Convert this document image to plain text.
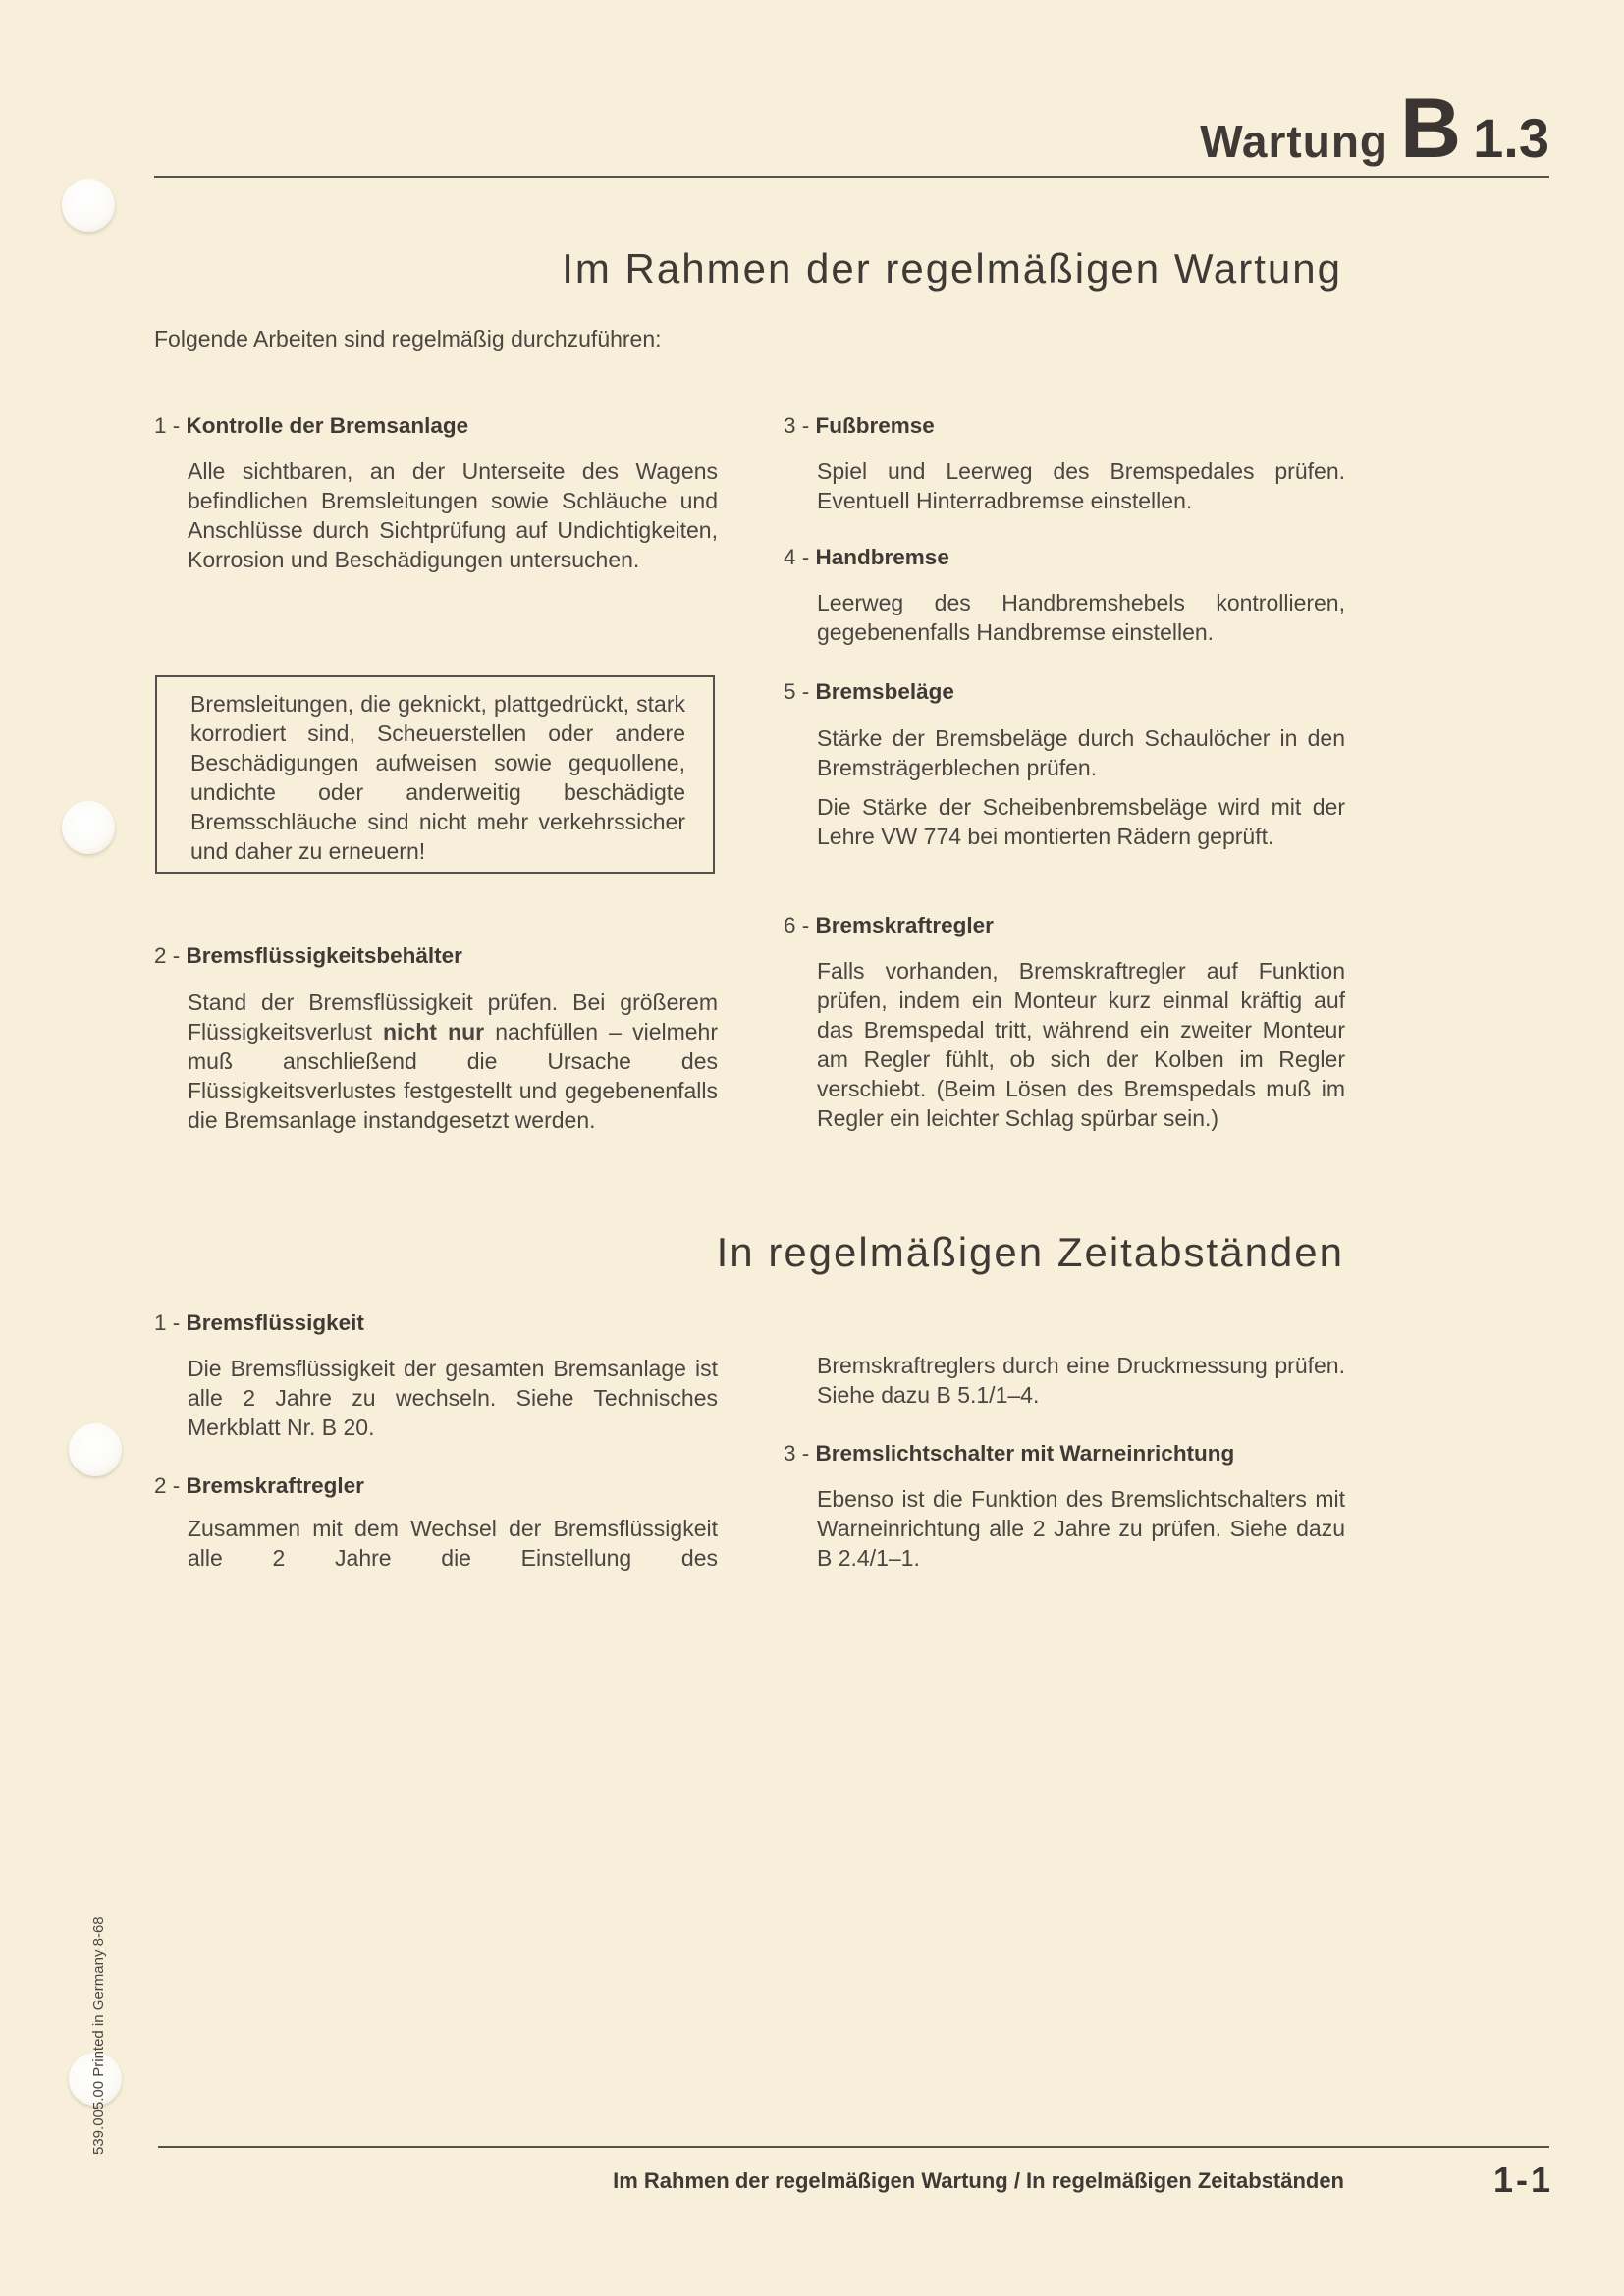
Wartung B 1.3
Im Rahmen der regelmäßigen Wartung
Folgende Arbeiten sind regelmäßig durchzuführen:
1 - Kontrolle der Bremsanlage
Alle sichtbaren, an der Unterseite des Wagens befindlichen Bremsleitungen sowie Schläuche und Anschlüsse durch Sichtprüfung auf Undichtigkeiten, Korrosion und Beschädigungen untersuchen.
Bremsleitungen, die geknickt, plattgedrückt, stark korrodiert sind, Scheuerstellen oder andere Beschädigungen aufweisen sowie gequollene, undichte oder anderweitig beschädigte Bremsschläuche sind nicht mehr verkehrssicher und daher zu erneuern!
2 - Bremsflüssigkeitsbehälter
Stand der Bremsflüssigkeit prüfen. Bei größerem Flüssigkeitsverlust nicht nur nachfüllen – vielmehr muß anschließend die Ursache des Flüssigkeitsverlustes festgestellt und gegebenenfalls die Bremsanlage instandgesetzt werden.
3 - Fußbremse
Spiel und Leerweg des Bremspedales prüfen. Eventuell Hinterradbremse einstellen.
4 - Handbremse
Leerweg des Handbremshebels kontrollieren, gegebenenfalls Handbremse einstellen.
5 - Bremsbeläge
Stärke der Bremsbeläge durch Schaulöcher in den Bremsträgerblechen prüfen.
Die Stärke der Scheibenbremsbeläge wird mit der Lehre VW 774 bei montierten Rädern geprüft.
6 - Bremskraftregler
Falls vorhanden, Bremskraftregler auf Funktion prüfen, indem ein Monteur kurz einmal kräftig auf das Bremspedal tritt, während ein zweiter Monteur am Regler fühlt, ob sich der Kolben im Regler verschiebt. (Beim Lösen des Bremspedals muß im Regler ein leichter Schlag spürbar sein.)
In regelmäßigen Zeitabständen
1 - Bremsflüssigkeit
Die Bremsflüssigkeit der gesamten Bremsanlage ist alle 2 Jahre zu wechseln. Siehe Technisches Merkblatt Nr. B 20.
2 - Bremskraftregler
Zusammen mit dem Wechsel der Bremsflüssigkeit alle 2 Jahre die Einstellung des
Bremskraftreglers durch eine Druckmessung prüfen. Siehe dazu B 5.1/1–4.
3 - Bremslichtschalter mit Warneinrichtung
Ebenso ist die Funktion des Bremslichtschalters mit Warneinrichtung alle 2 Jahre zu prüfen. Siehe dazu B 2.4/1–1.
539.005.00 Printed in Germany 8-68
Im Rahmen der regelmäßigen Wartung / In regelmäßigen Zeitabständen	1-1
